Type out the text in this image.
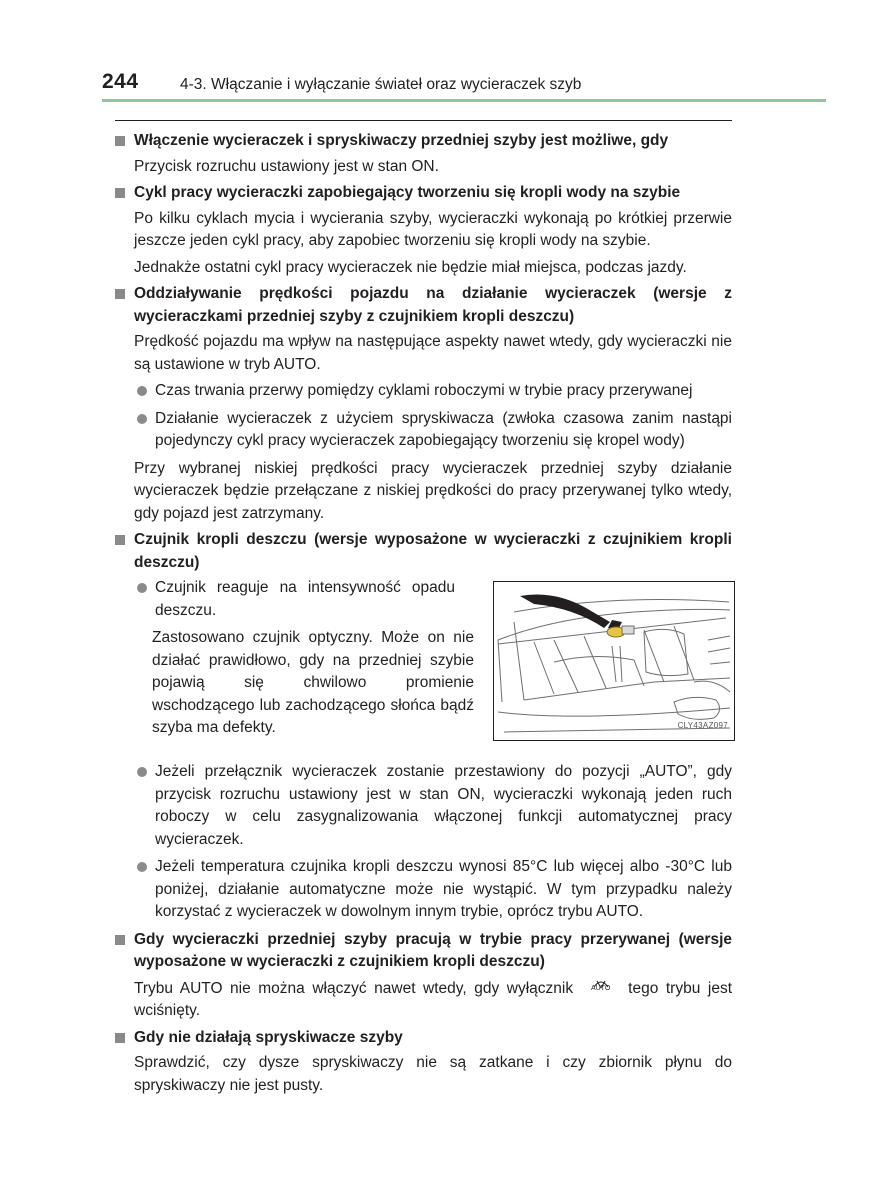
244	4-3. Włączanie i wyłączanie świateł oraz wycieraczek szyb
Włączenie wycieraczek i spryskiwaczy przedniej szyby jest możliwe, gdy
Przycisk rozruchu ustawiony jest w stan ON.
Cykl pracy wycieraczki zapobiegający tworzeniu się kropli wody na szybie
Po kilku cyklach mycia i wycierania szyby, wycieraczki wykonają po krótkiej przerwie jeszcze jeden cykl pracy, aby zapobiec tworzeniu się kropli wody na szybie.
Jednakże ostatni cykl pracy wycieraczek nie będzie miał miejsca, podczas jazdy.
Oddziaływanie prędkości pojazdu na działanie wycieraczek (wersje z wycieraczkami przedniej szyby z czujnikiem kropli deszczu)
Prędkość pojazdu ma wpływ na następujące aspekty nawet wtedy, gdy wycieraczki nie są ustawione w tryb AUTO.
Czas trwania przerwy pomiędzy cyklami roboczymi w trybie pracy przerywanej
Działanie wycieraczek z użyciem spryskiwacza (zwłoka czasowa zanim nastąpi pojedynczy cykl pracy wycieraczek zapobiegający tworzeniu się kropel wody)
Przy wybranej niskiej prędkości pracy wycieraczek przedniej szyby działanie wycieraczek będzie przełączane z niskiej prędkości do pracy przerywanej tylko wtedy, gdy pojazd jest zatrzymany.
Czujnik kropli deszczu (wersje wyposażone w wycieraczki z czujnikiem kropli deszczu)
Czujnik reaguje na intensywność opadu deszczu.
Zastosowano czujnik optyczny. Może on nie działać prawidłowo, gdy na przedniej szybie pojawią się chwilowo promienie wschodzącego lub zachodzącego słońca bądź szyba ma defekty.	CLY43AZ097
Jeżeli przełącznik wycieraczek zostanie przestawiony do pozycji „AUTO”, gdy przycisk rozruchu ustawiony jest w stan ON, wycieraczki wykonają jeden ruch roboczy w celu zasygnalizowania włączonej funkcji automatycznej pracy wycieraczek.
Jeżeli temperatura czujnika kropli deszczu wynosi 85°C lub więcej albo -30°C lub poniżej, działanie automatyczne może nie wystąpić. W tym przypadku należy korzystać z wycieraczek w dowolnym innym trybie, oprócz trybu AUTO.
Gdy wycieraczki przedniej szyby pracują w trybie pracy przerywanej (wersje wyposażone w wycieraczki z czujnikiem kropli deszczu)
Trybu AUTO nie można włączyć nawet wtedy, gdy wyłącznik	AUTO tego trybu jest wciśnięty.
Gdy nie działają spryskiwacze szyby
Sprawdzić, czy dysze spryskiwaczy nie są zatkane i czy zbiornik płynu do spryskiwaczy nie jest pusty.
